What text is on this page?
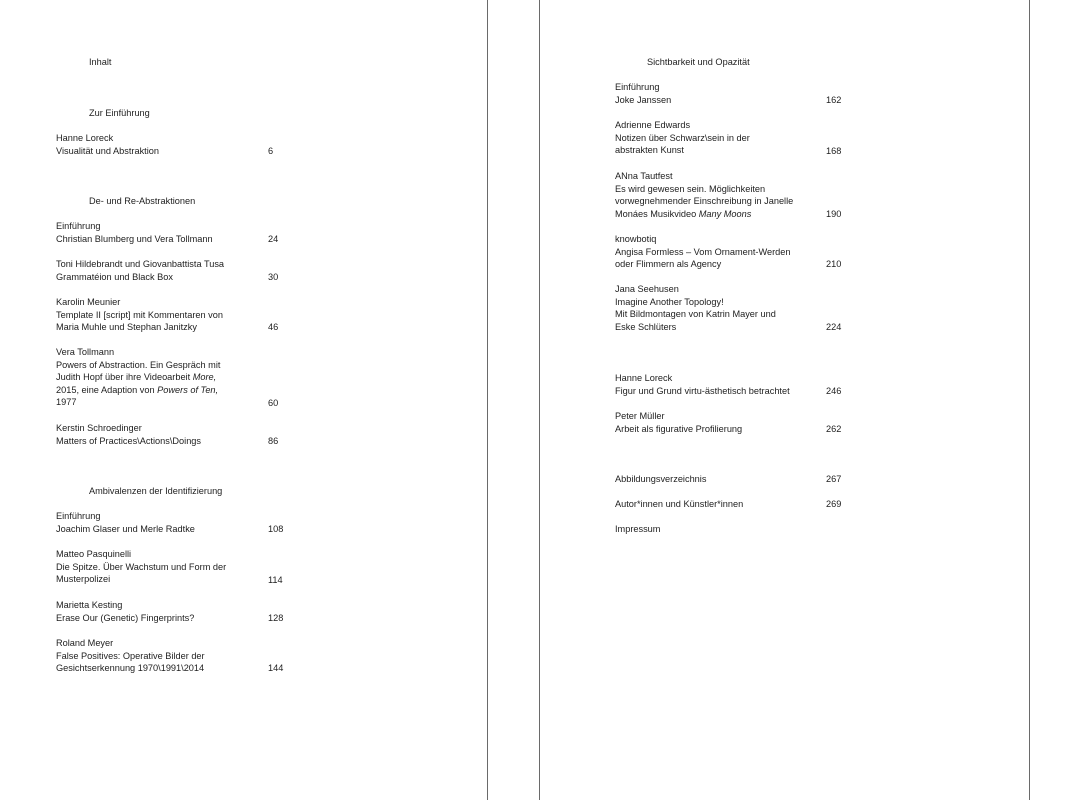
Inhalt
Zur Einführung
Hanne Loreck
Visualität und Abstraktion	6
De- und Re-Abstraktionen
Einführung
Christian Blumberg und Vera Tollmann	24
Toni Hildebrandt und Giovanbattista Tusa
Grammatéion und Black Box	30
Karolin Meunier
Template II [script] mit Kommentaren von
Maria Muhle und Stephan Janitzky	46
Vera Tollmann
Powers of Abstraction. Ein Gespräch mit
Judith Hopf über ihre Videoarbeit More,
2015, eine Adaption von Powers of Ten,
1977	60
Kerstin Schroedinger
Matters of Practices\Actions\Doings	86
Ambivalenzen der Identifizierung
Einführung
Joachim Glaser und Merle Radtke	108
Matteo Pasquinelli
Die Spitze. Über Wachstum und Form der
Musterpolizei	114
Marietta Kesting
Erase Our (Genetic) Fingerprints?	128
Roland Meyer
False Positives: Operative Bilder der
Gesichtserkennung 1970\1991\2014	144
Sichtbarkeit und Opazität
Einführung
Joke Janssen	162
Adrienne Edwards
Notizen über Schwarz\sein in der
abstrakten Kunst	168
ANna Tautfest
Es wird gewesen sein. Möglichkeiten
vorwegnehmender Einschreibung in Janelle
Monáes Musikvideo Many Moons	190
knowbotiq
Angisa Formless – Vom Ornament-Werden
oder Flimmern als Agency	210
Jana Seehusen
Imagine Another Topology!
Mit Bildmontagen von Katrin Mayer und
Eske Schlüters	224
Hanne Loreck
Figur und Grund virtu-ästhetisch betrachtet	246
Peter Müller
Arbeit als figurative Profilierung	262
Abbildungsverzeichnis	267
Autor*innen und Künstler*innen	269
Impressum
